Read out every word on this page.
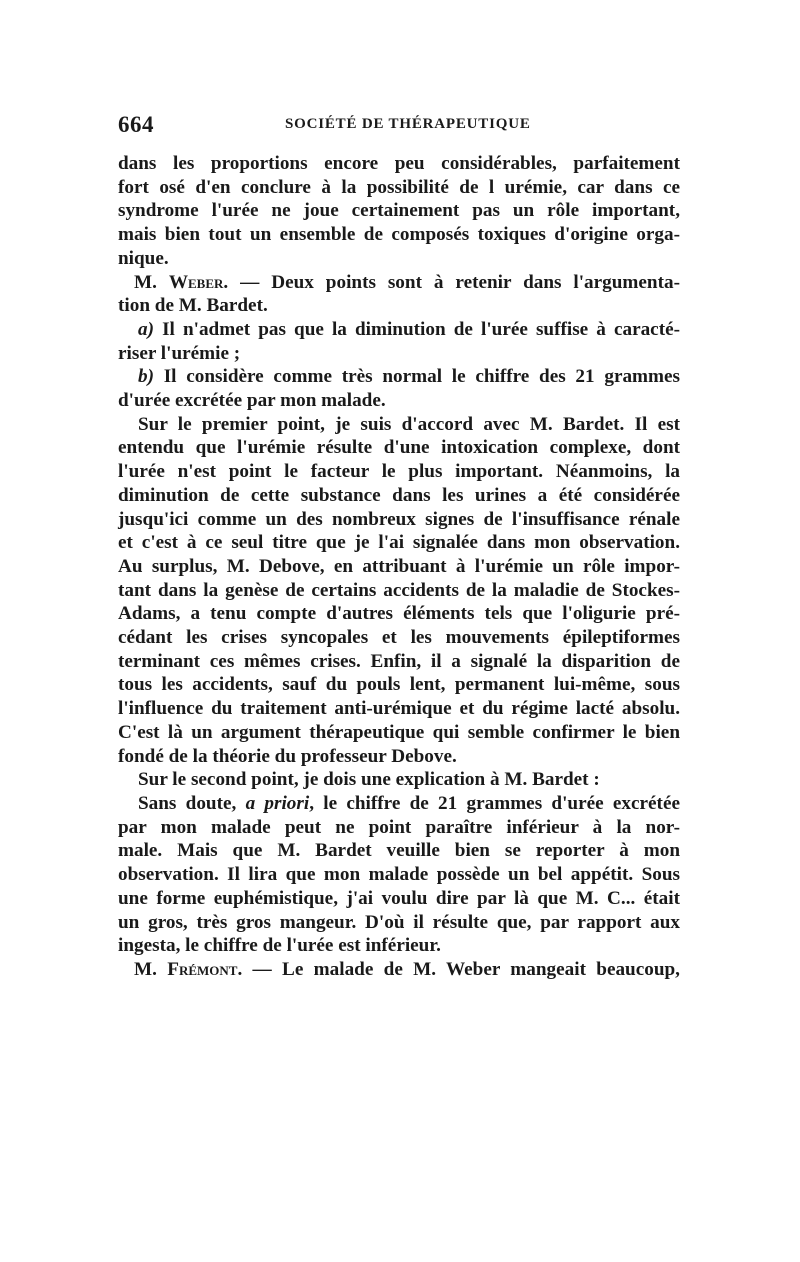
664	SOCIÉTÉ DE THÉRAPEUTIQUE
dans les proportions encore peu considérables, parfaitement
fort osé d'en conclure à la possibilité de l urémie, car dans ce
syndrome l'urée ne joue certainement pas un rôle important,
mais bien tout un ensemble de composés toxiques d'origine orga-
nique.
M. Weber. — Deux points sont à retenir dans l'argumenta-
tion de M. Bardet.
a) Il n'admet pas que la diminution de l'urée suffise à caracté-
riser l'urémie ;
b) Il considère comme très normal le chiffre des 21 grammes
d'urée excrétée par mon malade.
Sur le premier point, je suis d'accord avec M. Bardet. Il est
entendu que l'urémie résulte d'une intoxication complexe, dont
l'urée n'est point le facteur le plus important. Néanmoins, la
diminution de cette substance dans les urines a été considérée
jusqu'ici comme un des nombreux signes de l'insuffisance rénale
et c'est à ce seul titre que je l'ai signalée dans mon observation.
Au surplus, M. Debove, en attribuant à l'urémie un rôle impor-
tant dans la genèse de certains accidents de la maladie de Stockes-
Adams, a tenu compte d'autres éléments tels que l'oligurie pré-
cédant les crises syncopales et les mouvements épileptiformes
terminant ces mêmes crises. Enfin, il a signalé la disparition de
tous les accidents, sauf du pouls lent, permanent lui-même, sous
l'influence du traitement anti-urémique et du régime lacté absolu.
C'est là un argument thérapeutique qui semble confirmer le bien
fondé de la théorie du professeur Debove.
Sur le second point, je dois une explication à M. Bardet :
Sans doute, a priori, le chiffre de 21 grammes d'urée excrétée
par mon malade peut ne point paraître inférieur à la nor-
male. Mais que M. Bardet veuille bien se reporter à mon
observation. Il lira que mon malade possède un bel appétit. Sous
une forme euphémistique, j'ai voulu dire par là que M. C... était
un gros, très gros mangeur. D'où il résulte que, par rapport aux
ingesta, le chiffre de l'urée est inférieur.
M. Frémont. — Le malade de M. Weber mangeait beaucoup,
